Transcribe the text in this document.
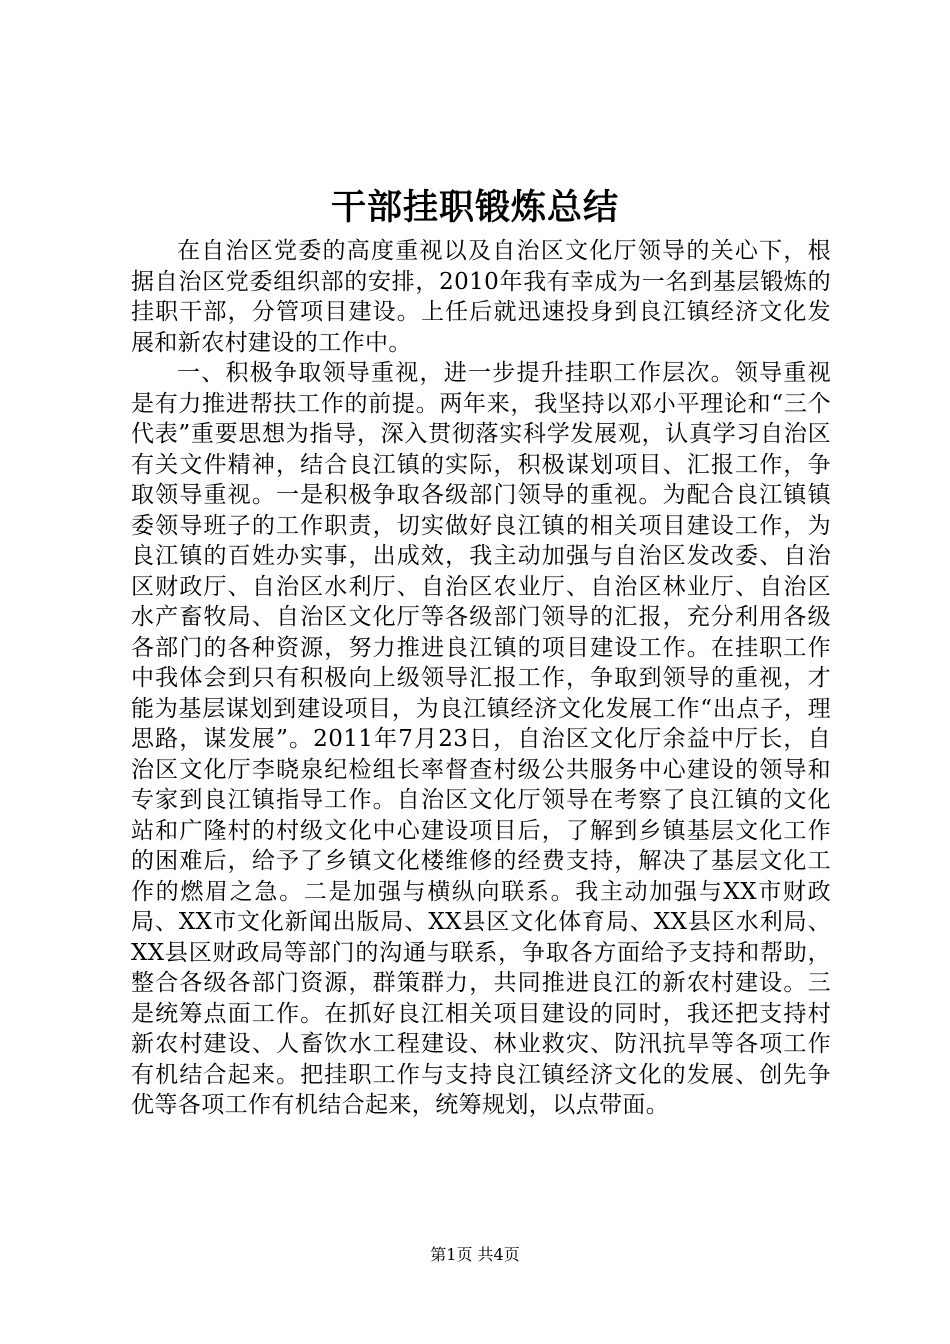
干部挂职锻炼总结

在自治区党委的高度重视以及自治区文化厅领导的关心下，根据自治区党委组织部的安排，2010年我有幸成为一名到基层锻炼的挂职干部，分管项目建设。上任后就迅速投身到良江镇经济文化发展和新农村建设的工作中。

一、积极争取领导重视，进一步提升挂职工作层次。领导重视是有力推进帮扶工作的前提。两年来，我坚持以邓小平理论和“三个代表”重要思想为指导，深入贯彻落实科学发展观，认真学习自治区有关文件精神，结合良江镇的实际，积极谋划项目、汇报工作，争取领导重视。一是积极争取各级部门领导的重视。为配合良江镇镇委领导班子的工作职责，切实做好良江镇的相关项目建设工作，为良江镇的百姓办实事，出成效，我主动加强与自治区发改委、自治区财政厅、自治区水利厅、自治区农业厅、自治区林业厅、自治区水产畜牧局、自治区文化厅等各级部门领导的汇报，充分利用各级各部门的各种资源，努力推进良江镇的项目建设工作。在挂职工作中我体会到只有积极向上级领导汇报工作，争取到领导的重视，才能为基层谋划到建设项目，为良江镇经济文化发展工作“出点子，理思路，谋发展”。2011年7月23日，自治区文化厅余益中厅长，自治区文化厅李晓泉纪检组长率督查村级公共服务中心建设的领导和专家到良江镇指导工作。自治区文化厅领导在考察了良江镇的文化站和广隆村的村级文化中心建设项目后，了解到乡镇基层文化工作的困难后，给予了乡镇文化楼维修的经费支持，解决了基层文化工作的燃眉之急。二是加强与横纵向联系。我主动加强与XX市财政局、XX市文化新闻出版局、XX县区文化体育局、XX县区水利局、XX县区财政局等部门的沟通与联系，争取各方面给予支持和帮助，整合各级各部门资源，群策群力，共同推进良江的新农村建设。三是统筹点面工作。在抓好良江相关项目建设的同时，我还把支持村新农村建设、人畜饮水工程建设、林业救灾、防汛抗旱等各项工作有机结合起来。把挂职工作与支持良江镇经济文化的发展、创先争优等各项工作有机结合起来，统筹规划，以点带面。

第1页 共4页
